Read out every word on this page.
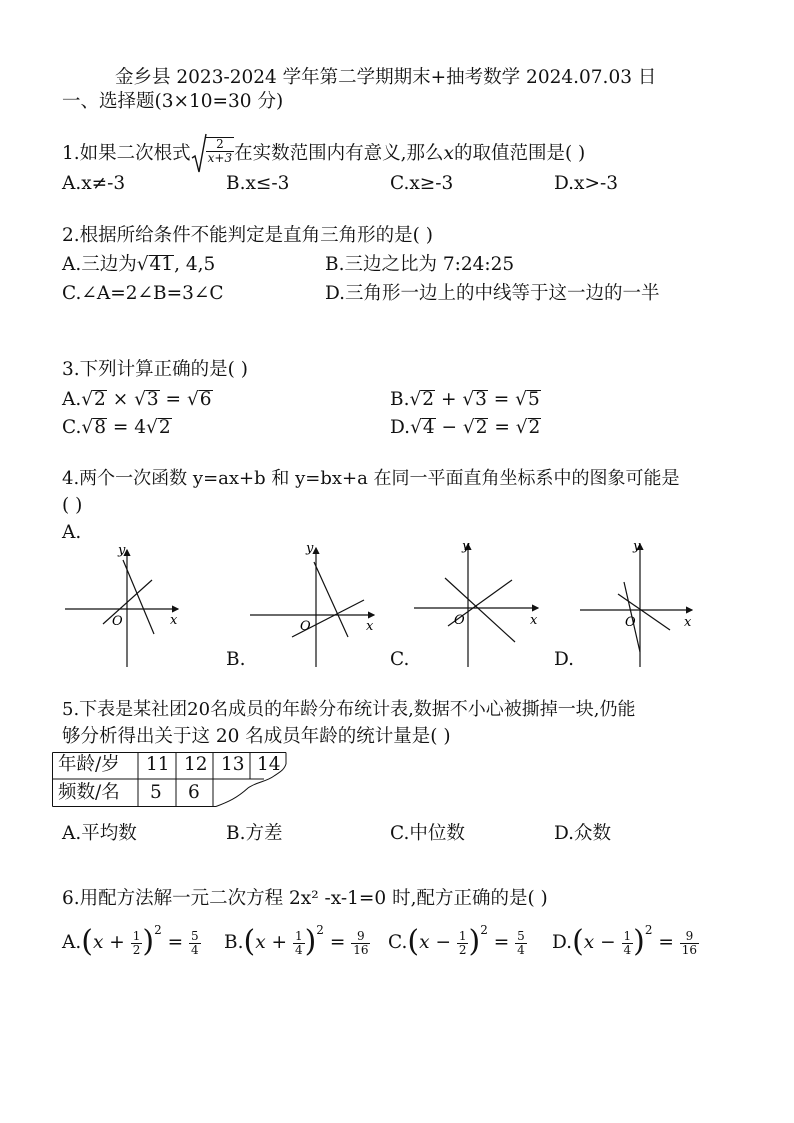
金乡县 2023-2024 学年第二学期期末+抽考数学 2024.07.03 日
一、选择题(3×10=30 分)
1.如果二次根式 $\frac{2}{x+3}$ 在实数范围内有意义,那么x的取值范围是( )
A.x≠-3	B.x≤-3	C.x≥-3	D.x>-3
2.根据所给条件不能判定是直角三角形的是( )
A.三边为√41, 4,5	B.三边之比为 7:24:25
C.∠A=2∠B=3∠C	D.三角形一边上的中线等于这一边的一半
3.下列计算正确的是( )
A.√2 × √3 = √6	B.√2 + √3 = √5
C.√8 = 4√2	D.√4 − √2 = √2
4.两个一次函数 y=ax+b 和 y=bx+a 在同一平面直角坐标系中的图象可能是
( )
A.
y
x
O
y
x
O
y
x
O
y
x
O
B.	C.	D.
5.下表是某社团20名成员的年龄分布统计表,数据不小心被撕掉一块,仍能
够分析得出关于这 20 名成员年龄的统计量是( )
年龄/岁 11 12 13 14
频数/名 5 6
A.平均数	B.方差	C.中位数	D.众数
6.用配方法解一元二次方程 2x² -x-1=0 时,配方正确的是( )
$A.(x + \frac{1}{2} )^2 = \frac{5}{4} B.(x + \frac{1}{4} )^2 = \frac{9}{16} C.(x - \frac{1}{2} )^2 = \frac{5}{4} D.(x - \frac{1}{4} )^2 = \frac{9}{16}$
